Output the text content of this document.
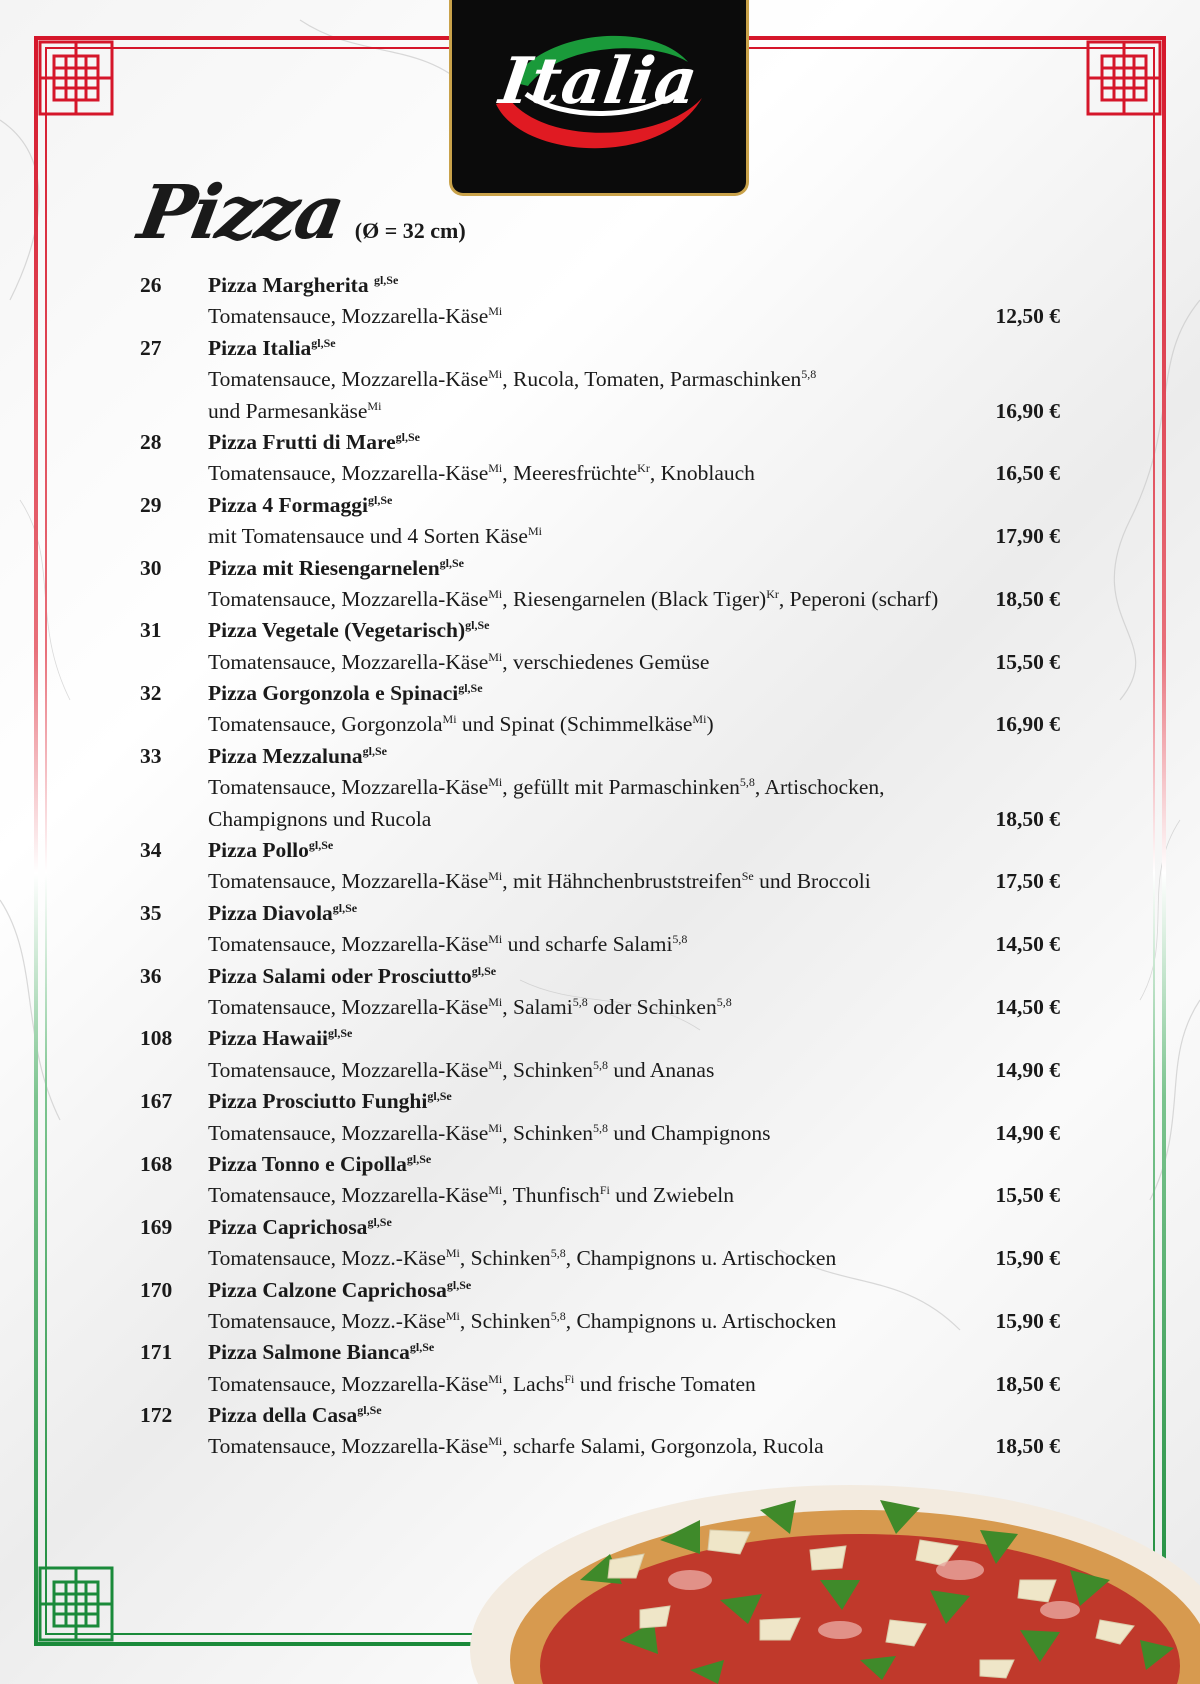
Italia
Pizza (Ø = 32 cm)
26	Pizza Margherita $^{gl,Se}$
Tomatensauce, Mozzarella-Käse$^{Mi}$	12,50 €
27	Pizza Italia$^{gl,Se}$
Tomatensauce, Mozzarella-Käse$^{Mi}$, Rucola, Tomaten, Parmaschinken$^{5,8}$
und Parmesankäse$^{Mi}$	16,90 €
28	Pizza Frutti di Mare$^{gl,Se}$
Tomatensauce, Mozzarella-Käse$^{Mi}$, Meeresfrüchte$^{Kr}$, Knoblauch	16,50 €
29	Pizza 4 Formaggi$^{gl,Se}$
mit Tomatensauce und 4 Sorten Käse$^{Mi}$	17,90 €
30	Pizza mit Riesengarnelen$^{gl,Se}$
Tomatensauce, Mozzarella-Käse$^{Mi}$, Riesengarnelen (Black Tiger)$^{Kr}$, Peperoni (scharf)	18,50 €
31	Pizza Vegetale (Vegetarisch)$^{gl,Se}$
Tomatensauce, Mozzarella-Käse$^{Mi}$, verschiedenes Gemüse	15,50 €
32	Pizza Gorgonzola e Spinaci$^{gl,Se}$
Tomatensauce, Gorgonzola$^{Mi}$ und Spinat (Schimmelkäse$^{Mi}$)	16,90 €
33	Pizza Mezzaluna$^{gl,Se}$
Tomatensauce, Mozzarella-Käse$^{Mi}$, gefüllt mit Parmaschinken$^{5,8}$, Artischocken,
Champignons und Rucola	18,50 €
34	Pizza Pollo$^{gl,Se}$
Tomatensauce, Mozzarella-Käse$^{Mi}$, mit Hähnchenbruststreifen$^{Se}$ und Broccoli	17,50 €
35	Pizza Diavola$^{gl,Se}$
Tomatensauce, Mozzarella-Käse$^{Mi}$ und scharfe Salami$^{5,8}$	14,50 €
36	Pizza Salami oder Prosciutto$^{gl,Se}$
Tomatensauce, Mozzarella-Käse$^{Mi}$, Salami$^{5,8}$ oder Schinken$^{5,8}$	14,50 €
108	Pizza Hawaii$^{gl,Se}$
Tomatensauce, Mozzarella-Käse$^{Mi}$, Schinken$^{5,8}$ und Ananas	14,90 €
167	Pizza Prosciutto Funghi$^{gl,Se}$
Tomatensauce, Mozzarella-Käse$^{Mi}$, Schinken$^{5,8}$ und Champignons	14,90 €
168	Pizza Tonno e Cipolla$^{gl,Se}$
Tomatensauce, Mozzarella-Käse$^{Mi}$, Thunfisch$^{Fi}$ und Zwiebeln	15,50 €
169	Pizza Caprichosa$^{gl,Se}$
Tomatensauce, Mozz.-Käse$^{Mi}$, Schinken$^{5,8}$, Champignons u. Artischocken	15,90 €
170	Pizza Calzone Caprichosa$^{gl,Se}$
Tomatensauce, Mozz.-Käse$^{Mi}$, Schinken$^{5,8}$, Champignons u. Artischocken	15,90 €
171	Pizza Salmone Bianca$^{gl,Se}$
Tomatensauce, Mozzarella-Käse$^{Mi}$, Lachs$^{Fi}$ und frische Tomaten	18,50 €
172	Pizza della Casa$^{gl,Se}$
Tomatensauce, Mozzarella-Käse$^{Mi}$, scharfe Salami, Gorgonzola, Rucola	18,50 €
